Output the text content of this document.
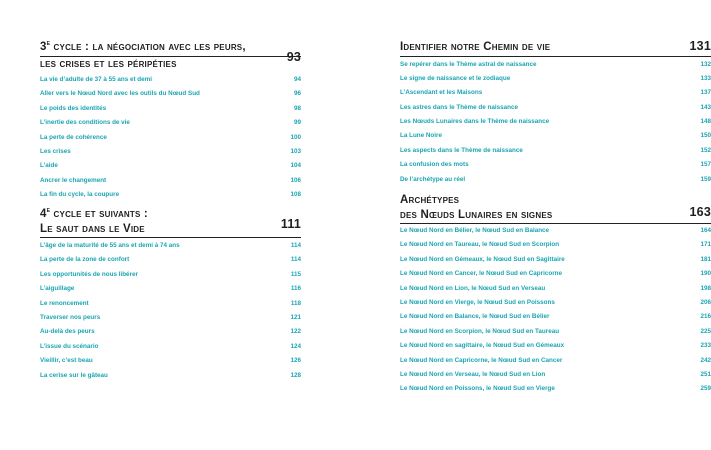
3e cycle : la négociation avec les peurs,
les crises et les péripéties	93
La vie d’adulte de 37 à 55 ans et demi	94
Aller vers le Nœud Nord avec les outils du Nœud Sud	96
Le poids des identités	98
L’inertie des conditions de vie	99
La perte de cohérence	100
Les crises	103
L’aide	104
Ancrer le changement	106
La fin du cycle, la coupure	108
4e cycle et suivants :
Le saut dans le Vide	111
L’âge de la maturité de 55 ans et demi à 74 ans	114
La perte de la zone de confort	114
Les opportunités de nous libérer	115
L’aiguillage	116
Le renoncement	118
Traverser nos peurs	121
Au-delà des peurs	122
L’issue du scénario	124
Vieillir, c’est beau	126
La cerise sur le gâteau	128
Identifier notre Chemin de vie	131
Se repérer dans le Thème astral de naissance	132
Le signe de naissance et le zodiaque	133
L’Ascendant et les Maisons	137
Les astres dans le Thème de naissance	143
Les Nœuds Lunaires dans le Thème de naissance	148
La Lune Noire	150
Les aspects dans le Thème de naissance	152
La confusion des mots	157
De l’archétype au réel	159
Archétypes
des Nœuds Lunaires en signes	163
Le Nœud Nord en Bélier, le Nœud Sud en Balance	164
Le Nœud Nord en Taureau, le Nœud Sud en Scorpion	171
Le Nœud Nord en Gémeaux, le Nœud Sud en Sagittaire	181
Le Nœud Nord en Cancer, le Nœud Sud en Capricorne	190
Le Nœud Nord en Lion, le Nœud Sud en Verseau	198
Le Nœud Nord en Vierge, le Nœud Sud en Poissons	206
Le Nœud Nord en Balance, le Nœud Sud en Bélier	216
Le Nœud Nord en Scorpion, le Nœud Sud en Taureau	225
Le Nœud Nord en sagittaire, le Nœud Sud en Gémeaux	233
Le Nœud Nord en Capricorne, le Nœud Sud en Cancer	242
Le Nœud Nord en Verseau, le Nœud Sud en Lion	251
Le Nœud Nord en Poissons, le Nœud Sud en Vierge	259
